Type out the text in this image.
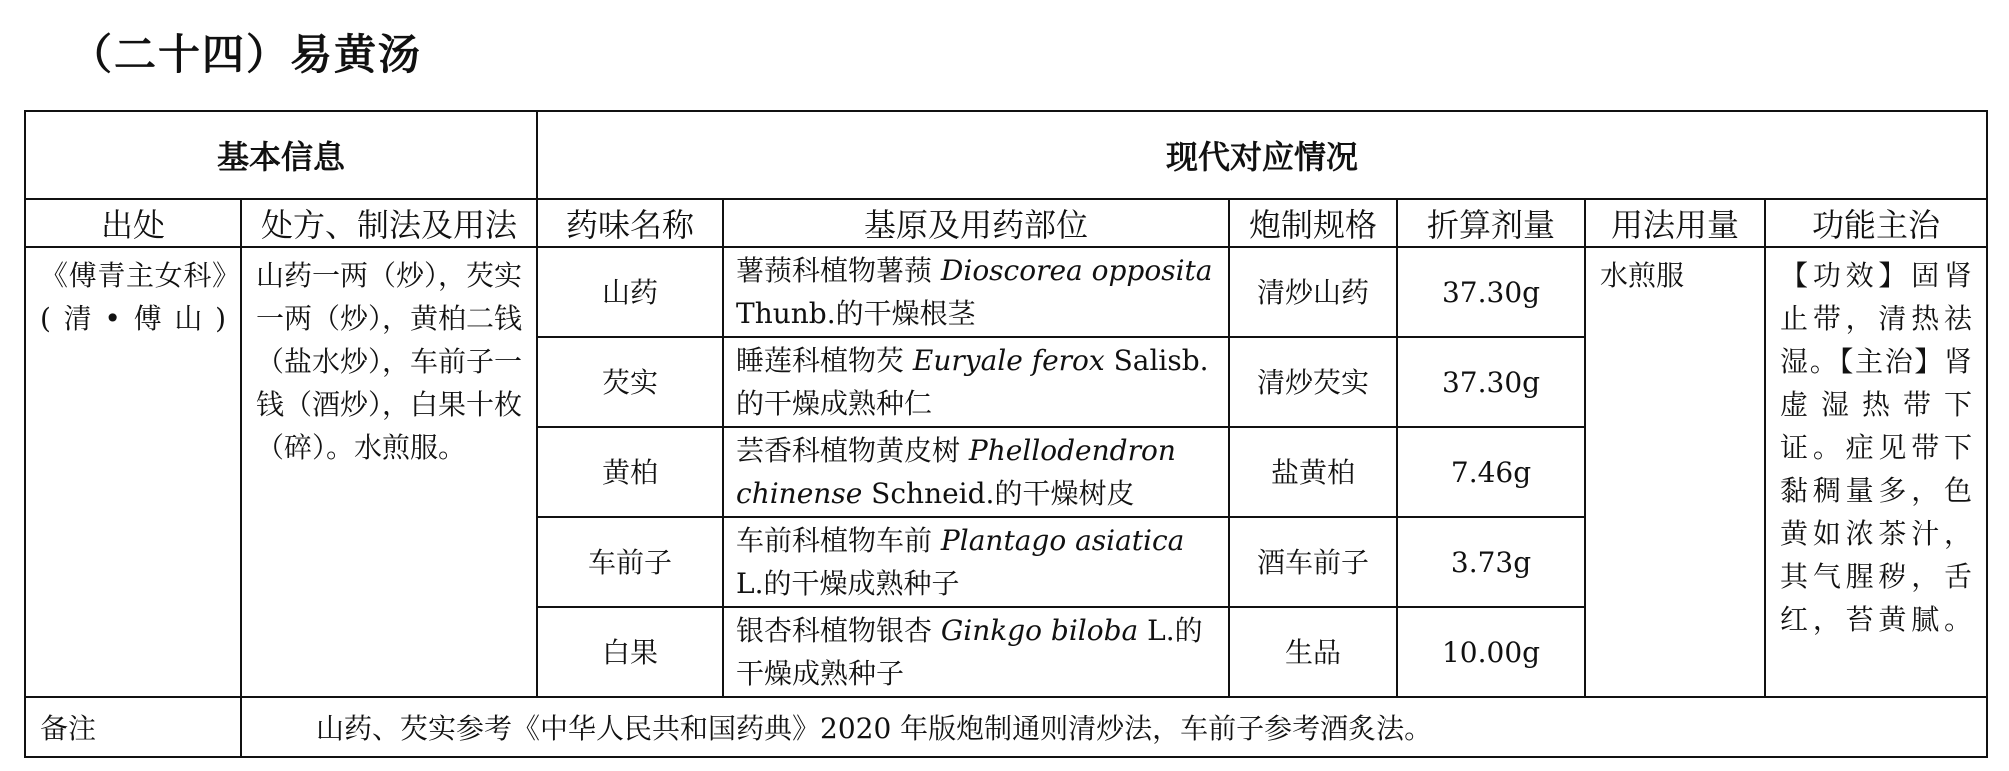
（二十四）易黄汤
基本信息		现代对应情况					
出处	处方、制法及用法	药味名称	基原及用药部位	炮制规格	折算剂量	用法用量	功能主治

《傅青主女科》(清•傅山)	山药一两（炒），芡实一两（炒），黄柏二钱（盐水炒），车前子一钱（酒炒），白果十枚（碎）。水煎服。	山药	薯蓣科植物薯蓣 Dioscorea opposita Thunb.的干燥根茎	清炒山药	37.30g	水煎服	【功效】固肾止带，清热祛湿。【主治】肾虚湿热带下证。症见带下黏稠量多，色黄如浓茶汁，其气腥秽，舌红，苔黄腻。

		芡实	睡莲科植物芡 Euryale ferox Salisb.的干燥成熟种仁	清炒芡实	37.30g		
		黄柏	芸香科植物黄皮树 Phellodendron chinense Schneid.的干燥树皮	盐黄柏	7.46g		
		车前子	车前科植物车前 Plantago asiatica L.的干燥成熟种子	酒车前子	3.73g		
		白果	银杏科植物银杏 Ginkgo biloba L.的干燥成熟种子	生品	10.00g		
备注	山药、芡实参考《中华人民共和国药典》2020 年版炮制通则清炒法，车前子参考酒炙法。						
